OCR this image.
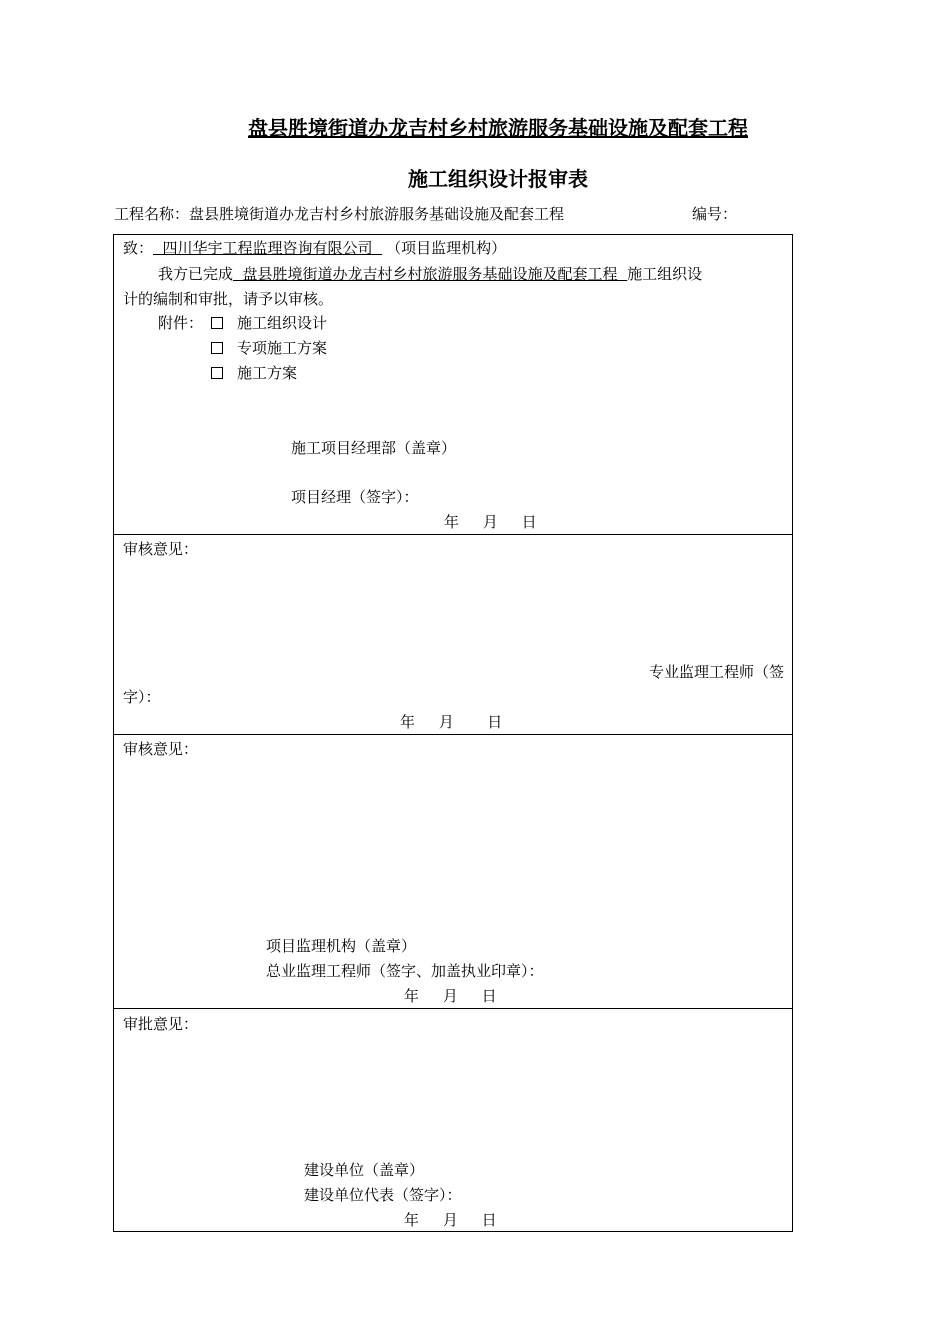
盘县胜境街道办龙吉村乡村旅游服务基础设施及配套工程
施工组织设计报审表
工程名称：盘县胜境街道办龙吉村乡村旅游服务基础设施及配套工程	编号：
致：  四川华宇工程监理咨询有限公司  （项目监理机构）
我方已完成  盘县胜境街道办龙吉村乡村旅游服务基础设施及配套工程  施工组织设
计的编制和审批，请予以审核。
附件：	施工组织设计
专项施工方案
施工方案
施工项目经理部（盖章）
项目经理（签字）：
年     月     日
审核意见：
专业监理工程师（签
字）：
年     月       日
审核意见：
项目监理机构（盖章）
总业监理工程师（签字、加盖执业印章）：
年     月     日
审批意见：
建设单位（盖章）
建设单位代表（签字）：
年     月     日
